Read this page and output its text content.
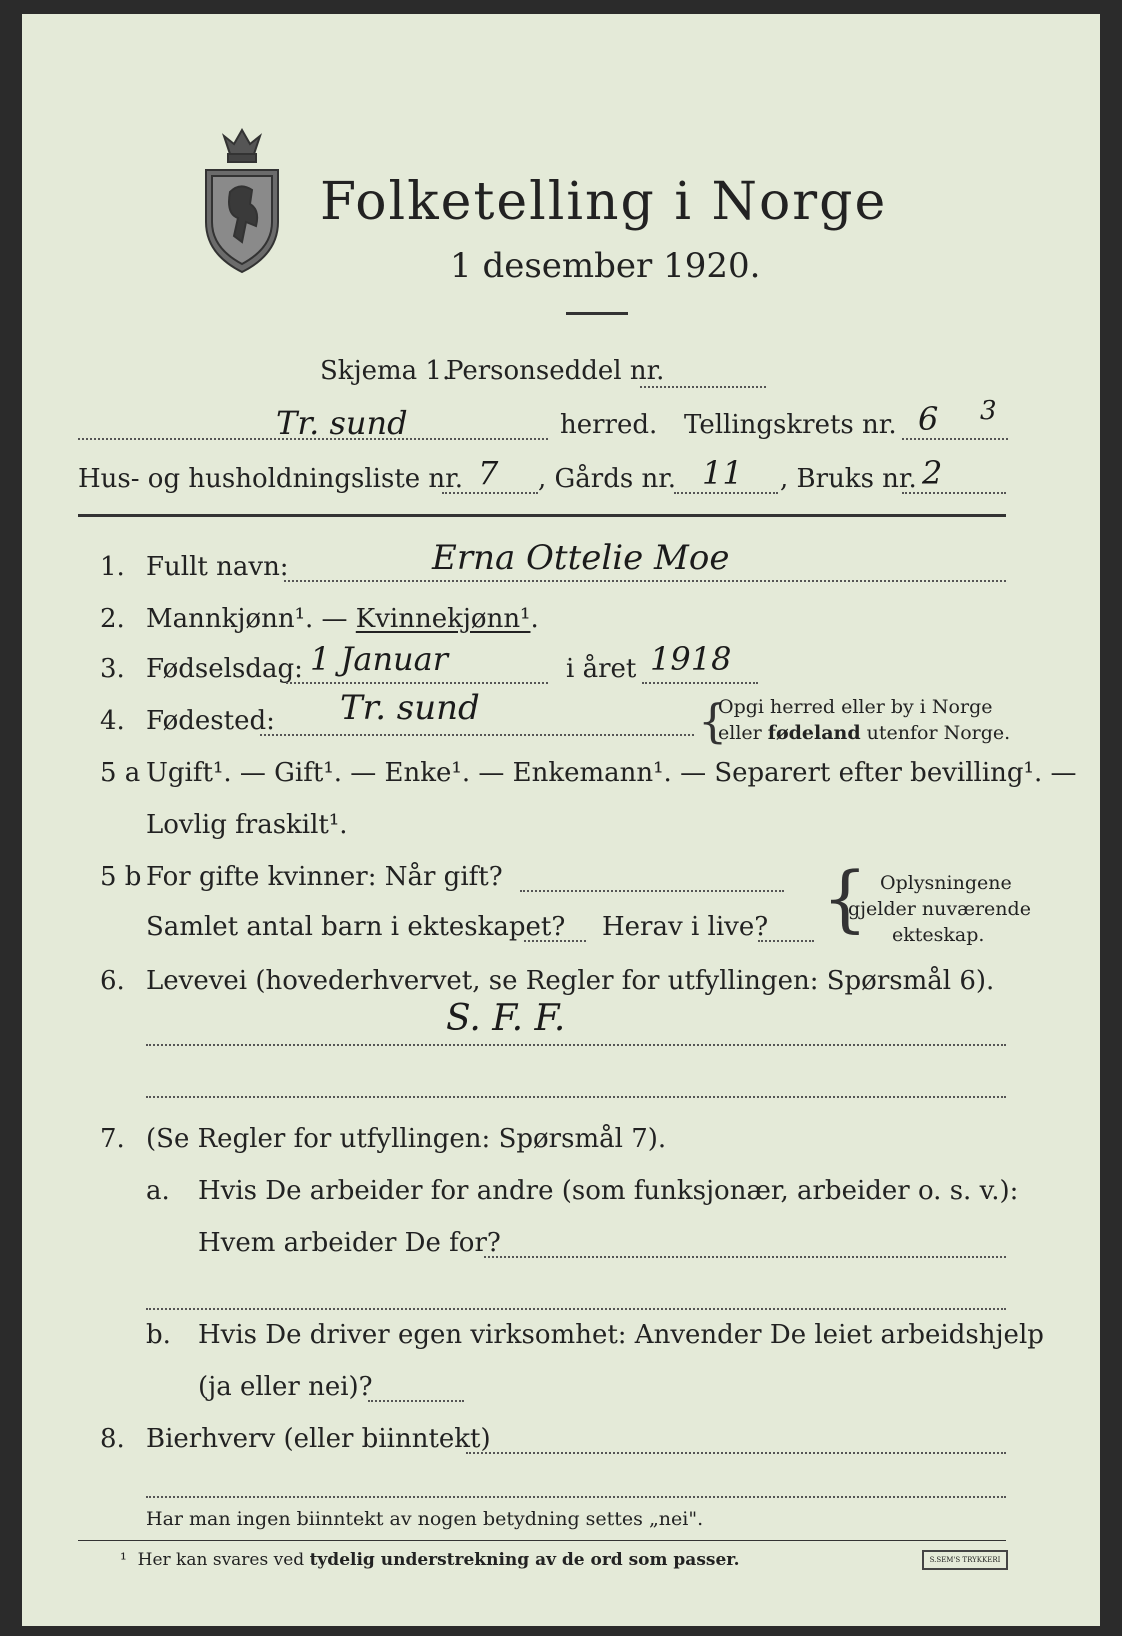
Folketelling i Norge
1 desember 1920.
Skjema 1.
Personseddel nr.
Tr. sund	herred. Tellingskrets nr. 6 3
Hus- og husholdningsliste nr. 7 , Gårds nr. 11 , Bruks nr. 2
1. Fullt navn:	Erna Ottelie Moe
2. Mannkjønn¹. — Kvinnekjønn¹.
3. Fødselsdag: 1 Januar	i året 1918
4. Fødested: Tr. sund	{
Opgi herred eller by i Norge
eller fødeland utenfor Norge.
5 a Ugift¹. — Gift¹. — Enke¹. — Enkemann¹. — Separert efter bevilling¹. —
Lovlig fraskilt¹.
5 b For gifte kvinner: Når gift?
Samlet antal barn i ekteskapet? Herav i live? { Oplysningene
gjelder nuværende
ekteskap.
6. Levevei (hovederhvervet, se Regler for utfyllingen: Spørsmål 6).
S. F. F.
7. (Se Regler for utfyllingen: Spørsmål 7).
a. Hvis De arbeider for andre (som funksjonær, arbeider o. s. v.):
Hvem arbeider De for?
b. Hvis De driver egen virksomhet: Anvender De leiet arbeidshjelp
(ja eller nei)?
8. Bierhverv (eller biinntekt)
Har man ingen biinntekt av nogen betydning settes „nei".
¹ Her kan svares ved tydelig understrekning av de ord som passer.	S.SEM'S TRYKKERI
